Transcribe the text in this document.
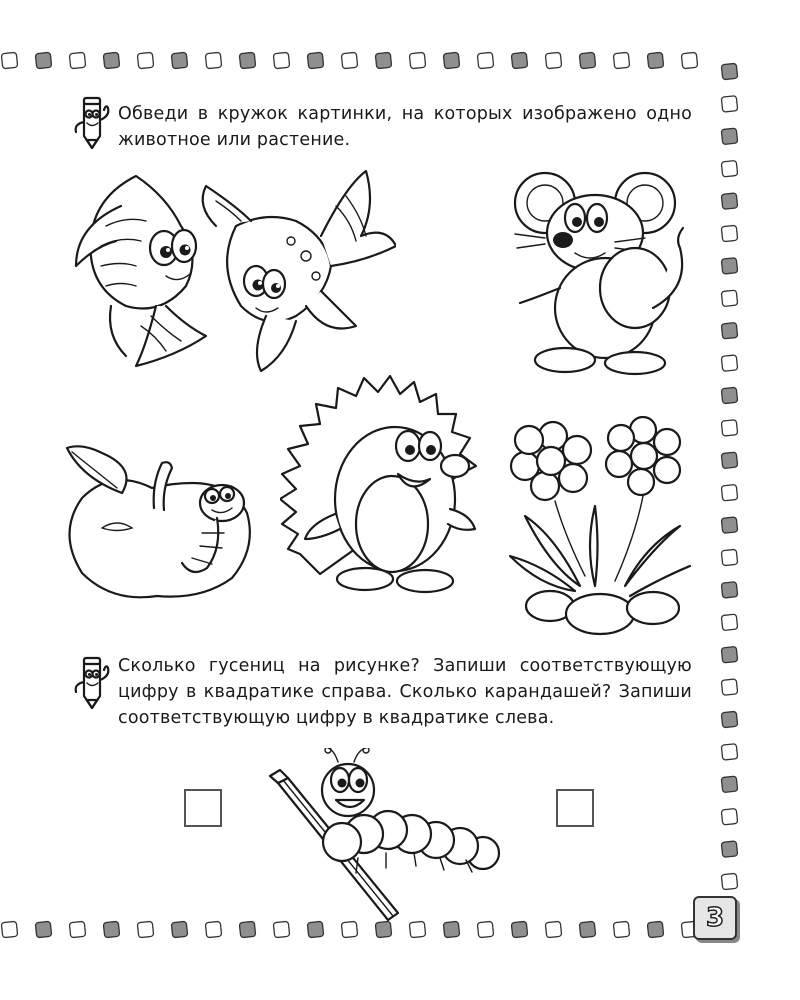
Обведи в кружок картинки, на которых изображено одно животное или растение.
Сколько гусениц на рисунке? Запиши соответствующую цифру в квадратике справа. Сколько карандашей? Запиши соответствующую цифру в квадратике слева.
3
